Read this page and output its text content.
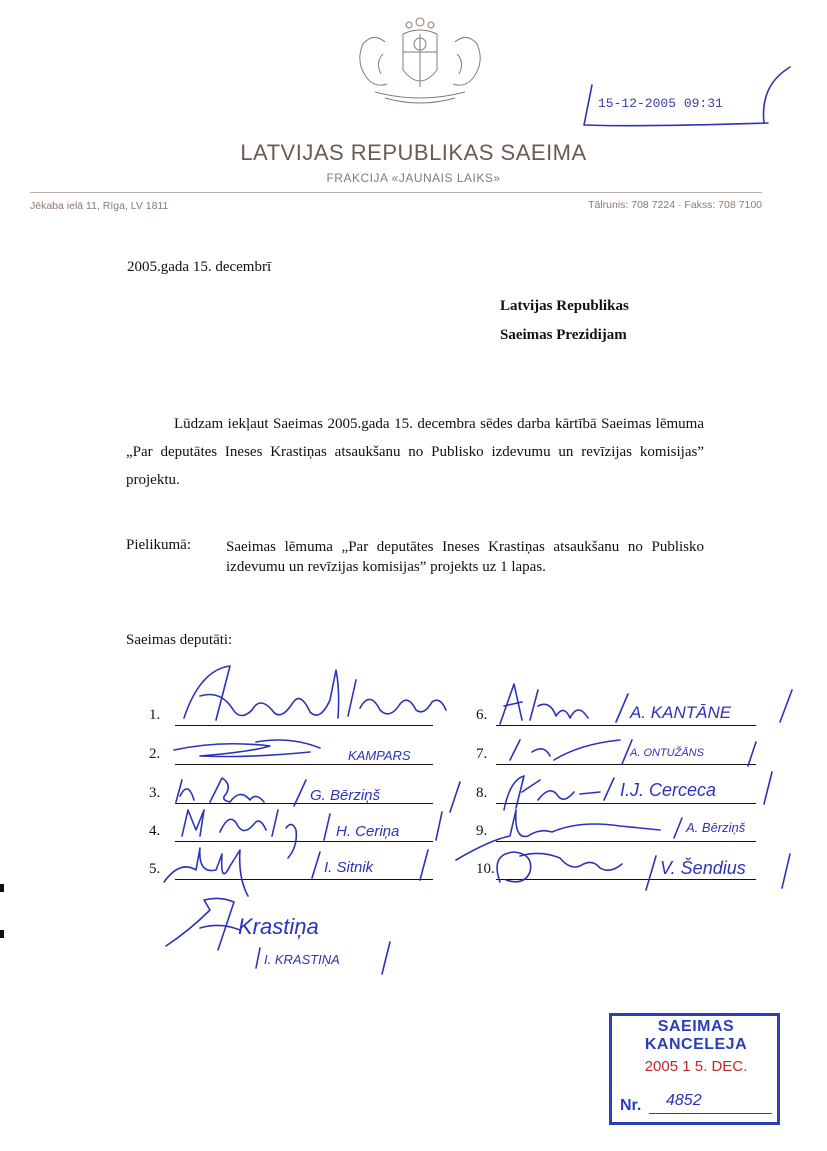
LATVIJAS REPUBLIKAS SAEIMA
FRAKCIJA «JAUNAIS LAIKS»
Jēkaba ielā 11, Rīga, LV 1811	Tālrunis: 708 7224 · Fakss: 708 7100
15-12-2005 09:31
2005.gada 15. decembrī
Latvijas Republikas
Saeimas Prezidijam
Lūdzam iekļaut Saeimas 2005.gada 15. decembra sēdes darba kārtībā Saeimas lēmuma „Par deputātes Ineses Krastiņas atsaukšanu no Publisko izdevumu un revīzijas komisijas” projektu.
Pielikumā: Saeimas lēmuma „Par deputātes Ineses Krastiņas atsaukšanu no Publisko izdevumu un revīzijas komisijas” projekts uz 1 lapas.
Saeimas deputāti:
1.
2.
3.
4.
5.
6.
7.
8.
9.
10.
KAMPARS
G. Bērziņš
H. Ceriņa
I. Sitnik
Krastiņa
I. KRASTIŅA
A. KANTĀNE
A. ONTUŽĀNS
I.J. Cerceca
A. Bērziņš
V. Šendius
SAEIMAS KANCELEJA
2005 1 5. DEC.
Nr. 4852
